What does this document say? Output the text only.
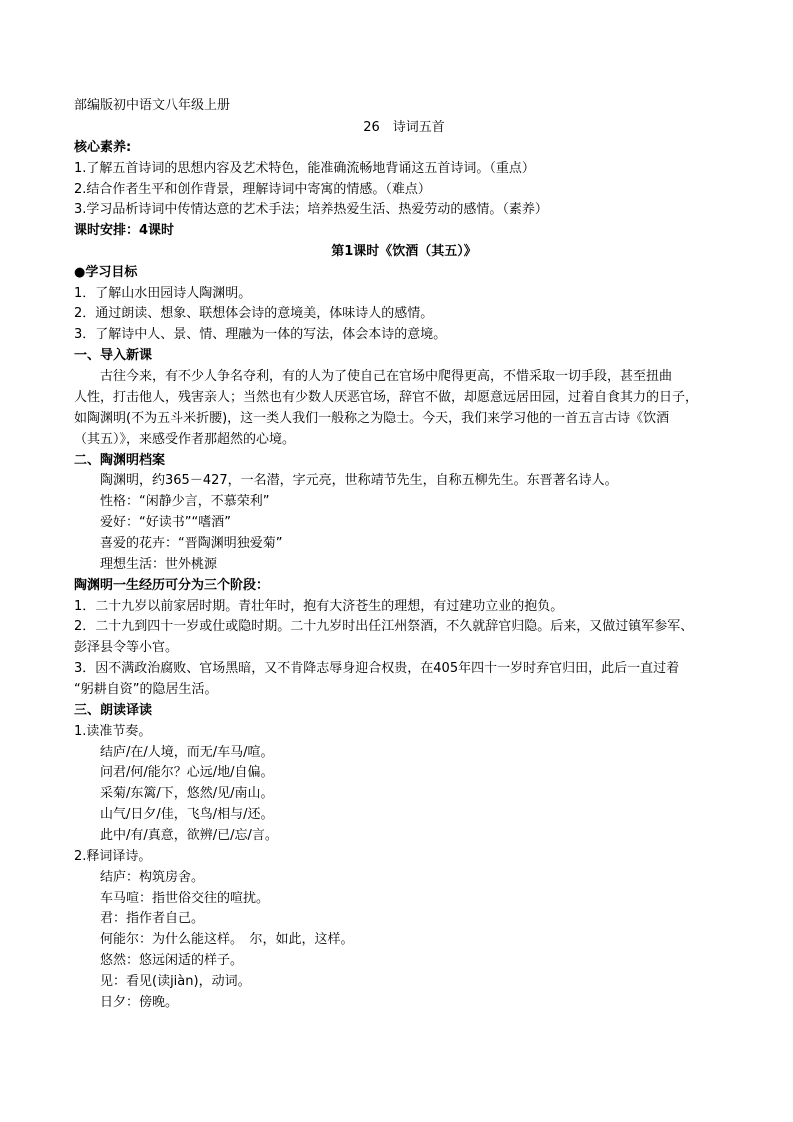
部编版初中语文八年级上册
26　诗词五首
核心素养:
1.了解五首诗词的思想内容及艺术特色，能准确流畅地背诵这五首诗词。（重点）
2.结合作者生平和创作背景，理解诗词中寄寓的情感。（难点）
3.学习品析诗词中传情达意的艺术手法；培养热爱生活、热爱劳动的感情。（素养）
课时安排：4课时
第1课时《饮酒（其五）》
●学习目标
1．了解山水田园诗人陶渊明。
2．通过朗读、想象、联想体会诗的意境美，体味诗人的感情。
3．了解诗中人、景、情、理融为一体的写法，体会本诗的意境。
一、导入新课
古往今来，有不少人争名夺利，有的人为了使自己在官场中爬得更高，不惜采取一切手段，甚至扭曲
人性，打击他人，残害亲人；当然也有少数人厌恶官场，辞官不做，却愿意远居田园，过着自食其力的日子，
如陶渊明(不为五斗米折腰)，这一类人我们一般称之为隐士。今天，我们来学习他的一首五言古诗《饮酒
（其五）》，来感受作者那超然的心境。
二、陶渊明档案
陶渊明，约365－427，一名潜，字元亮，世称靖节先生，自称五柳先生。东晋著名诗人。
性格：“闲静少言，不慕荣利”
爱好：“好读书”“嗜酒”
喜爱的花卉：“晋陶渊明独爱菊”
理想生活：世外桃源
陶渊明一生经历可分为三个阶段：
1．二十九岁以前家居时期。青壮年时，抱有大济苍生的理想，有过建功立业的抱负。
2．二十九到四十一岁或仕或隐时期。二十九岁时出任江州祭酒，不久就辞官归隐。后来，又做过镇军参军、
彭泽县令等小官。
3．因不满政治腐败、官场黑暗，又不肯降志辱身迎合权贵，在405年四十一岁时弃官归田，此后一直过着
“躬耕自资”的隐居生活。
三、朗读译读
1.读准节奏。
结庐/在/人境，而无/车马/喧。
问君/何/能尔？心远/地/自偏。
采菊/东篱/下，悠然/见/南山。
山气/日夕/佳，飞鸟/相与/还。
此中/有/真意，欲辨/已/忘/言。
2.释词译诗。
结庐：构筑房舍。
车马喧：指世俗交往的喧扰。
君：指作者自己。
何能尔：为什么能这样。　尔，如此，这样。
悠然：悠远闲适的样子。
见：看见(读jiàn)，动词。
日夕：傍晚。
